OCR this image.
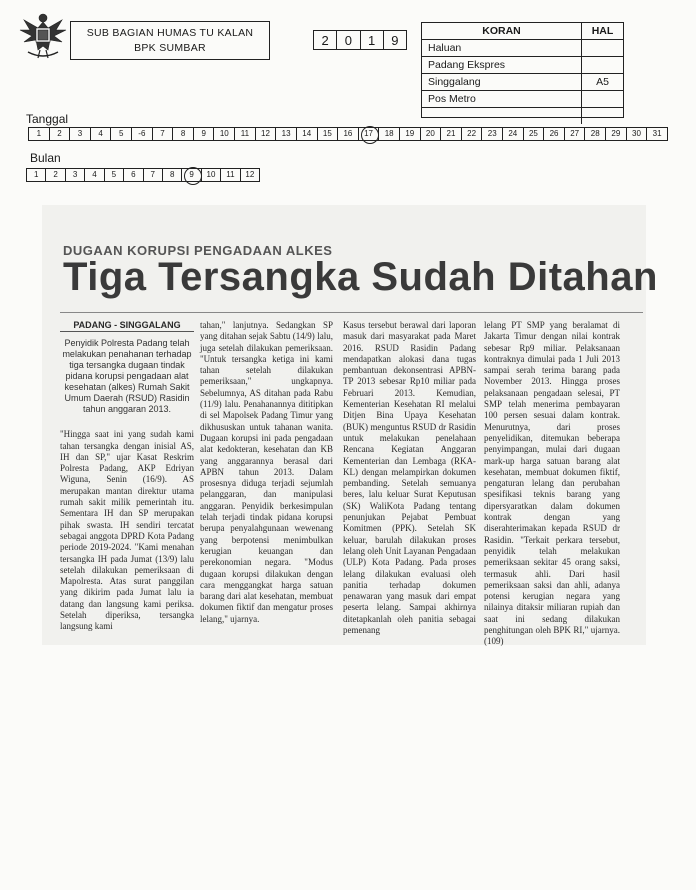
SUB BAGIAN HUMAS TU KALAN
BPK SUMBAR	2	0	1	9
KORAN	HAL
Haluan
Padang Ekspres
Singgalang	A5
Pos Metro
Tanggal
1	2	3	4	5	-6	7	8	9	10	11	12	13	14	15	16	17	18	19	20	21	22	23	24	25	26	27	28	29	30	31
Bulan
1	2	3	4	5	6	7	8	9	10	11	12
DUGAAN KORUPSI PENGADAAN ALKES
Tiga Tersangka Sudah Ditahan
PADANG - SINGGALANG
Penyidik Polresta Padang telah melakukan penahanan terhadap tiga tersangka dugaan tindak pidana korupsi pengadaan alat kesehatan (alkes) Rumah Sakit Umum Daerah (RSUD) Rasidin tahun anggaran 2013.

"Hingga saat ini yang sudah kami tahan tersangka dengan inisial AS, IH dan SP," ujar Kasat Reskrim Polresta Padang, AKP Edriyan Wiguna, Senin (16/9). AS merupakan mantan direktur utama rumah sakit milik pemerintah itu. Sementara IH dan SP merupakan pihak swasta. IH sendiri tercatat sebagai anggota DPRD Kota Padang periode 2019-2024. "Kami menahan tersangka IH pada Jumat (13/9) lalu setelah dilakukan pemeriksaan di Mapolresta. Atas surat panggilan yang dikirim pada Jumat lalu ia datang dan langsung kami periksa. Setelah diperiksa, tersangka langsung kami

tahan," lanjutnya. Sedangkan SP yang ditahan sejak Sabtu (14/9) lalu, juga setelah dilakukan pemeriksaan. "Untuk tersangka ketiga ini kami tahan setelah dilakukan pemeriksaan," ungkapnya. Sebelumnya, AS ditahan pada Rabu (11/9) lalu. Penahanannya dititipkan di sel Mapolsek Padang Timur yang dikhususkan untuk tahanan wanita. Dugaan korupsi ini pada pengadaan alat kedokteran, kesehatan dan KB yang anggarannya berasal dari APBN tahun 2013. Dalam prosesnya diduga terjadi sejumlah pelanggaran, dan manipulasi anggaran. Penyidik berkesimpulan telah terjadi tindak pidana korupsi berupa penyalahgunaan wewenang yang berpotensi menimbulkan kerugian keuangan dan perekonomian negara. "Modus dugaan korupsi dilakukan dengan cara menggangkat harga satuan barang dari alat kesehatan, membuat dokumen fiktif dan mengatur proses lelang," ujarnya.

Kasus tersebut berawal dari laporan masuk dari masyarakat pada Maret 2016. RSUD Rasidin Padang mendapatkan alokasi dana tugas pembantuan dekonsentrasi APBN-TP 2013 sebesar Rp10 miliar pada Februari 2013. Kemudian, Kementerian Kesehatan RI melalui Ditjen Bina Upaya Kesehatan (BUK) menguntus RSUD dr Rasidin untuk melakukan penelahaan Rencana Kegiatan Anggaran Kementerian dan Lembaga (RKA-KL) dengan melampirkan dokumen pembanding. Setelah semuanya beres, lalu keluar Surat Keputusan (SK) WaliKota Padang tentang penunjukan Pejabat Pembuat Komitmen (PPK). Setelah SK keluar, barulah dilakukan proses lelang oleh Unit Layanan Pengadaan (ULP) Kota Padang. Pada proses lelang dilakukan evaluasi oleh panitia terhadap dokumen penawaran yang masuk dari empat peserta lelang. Sampai akhirnya ditetapkanlah oleh panitia sebagai pemenang

lelang PT SMP yang beralamat di Jakarta Timur dengan nilai kontrak sebesar Rp9 miliar. Pelaksanaan kontraknya dimulai pada 1 Juli 2013 sampai serah terima barang pada November 2013. Hingga proses pelaksanaan pengadaan selesai, PT SMP telah menerima pembayaran 100 persen sesuai dalam kontrak. Menurutnya, dari proses penyelidikan, ditemukan beberapa penyimpangan, mulai dari dugaan mark-up harga satuan barang alat kesehatan, membuat dokumen fiktif, pengaturan lelang dan perubahan spesifikasi teknis barang yang dipersyaratkan dalam dokumen kontrak dengan yang diserahterimakan kepada RSUD dr Rasidin. "Terkait perkara tersebut, penyidik telah melakukan pemeriksaan sekitar 45 orang saksi, termasuk ahli. Dari hasil pemeriksaan saksi dan ahli, adanya potensi kerugian negara yang nilainya ditaksir miliaran rupiah dan saat ini sedang dilakukan penghitungan oleh BPK RI," ujarnya. (109)
